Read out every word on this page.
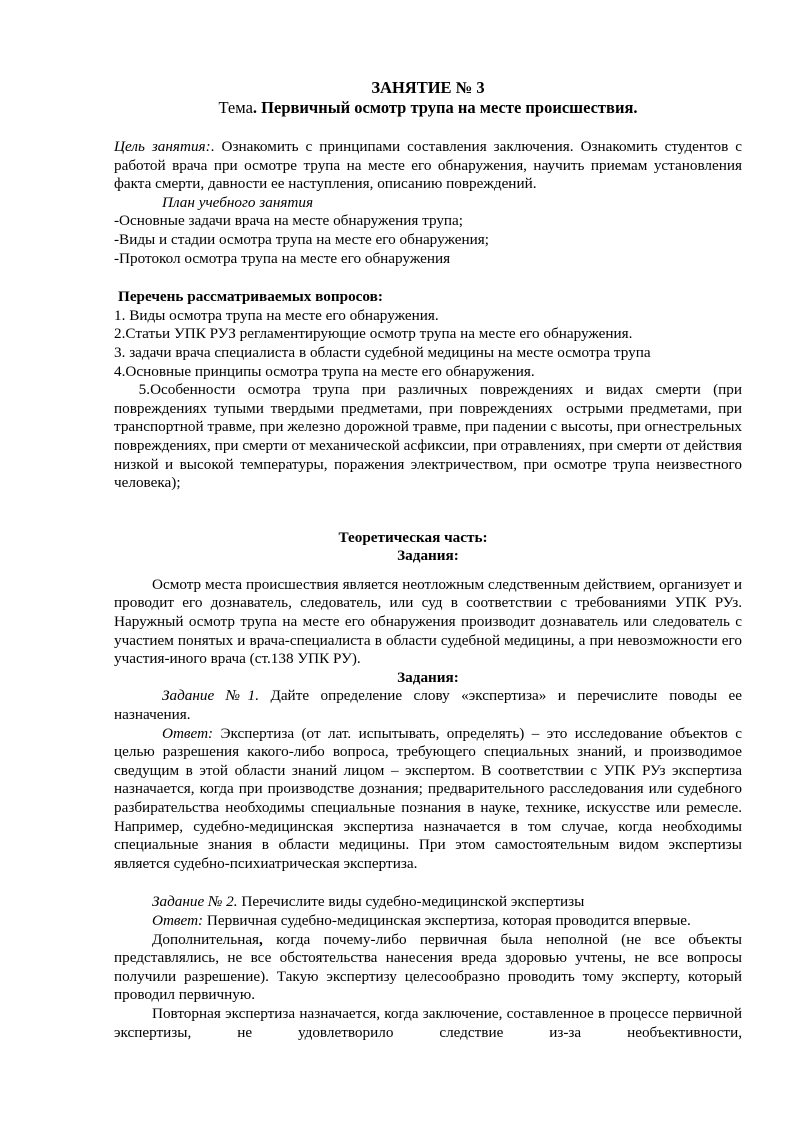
ЗАНЯТИЕ № 3

Тема. Первичный осмотр трупа на месте происшествия.

Цель занятия:. Ознакомить с принципами составления заключения. Ознакомить студентов с работой врача при осмотре трупа на месте его обнаружения, научить приемам установления факта смерти, давности ее наступления, описанию повреждений.

План учебного занятия

-Основные задачи врача на месте обнаружения трупа;

-Виды и стадии осмотра трупа на месте его обнаружения;

-Протокол осмотра трупа на месте его обнаружения

Перечень рассматриваемых вопросов:

1. Виды осмотра трупа на месте его обнаружения.

2.Статьи УПК РУЗ регламентирующие осмотр трупа на месте его обнаружения.

3. задачи врача специалиста в области судебной медицины на месте осмотра трупа

4.Основные принципы осмотра трупа на месте его обнаружения.

5.Особенности осмотра трупа при различных повреждениях и видах смерти (при повреждениях тупыми твердыми предметами, при повреждениях  острыми предметами, при транспортной травме, при железно дорожной травме, при падении с высоты, при огнестрельных повреждениях, при смерти от механической асфиксии, при отравлениях, при смерти от действия низкой и высокой температуры, поражения электричеством, при осмотре трупа неизвестного человека);

Теоретическая часть:

Задания:

Осмотр места происшествия является неотложным следственным действием, организует и проводит его дознаватель, следователь, или суд в соответствии с требованиями УПК РУз. Наружный осмотр трупа на месте его обнаружения производит дознаватель или следователь с участием понятых и врача-специалиста в области судебной медицины, а при невозможности его участия-иного врача (ст.138 УПК РУ).

Задания:

Задание №1. Дайте определение слову «экспертиза» и перечислите поводы ее назначения.

Ответ: Экспертиза (от лат. испытывать, определять) – это исследование объектов с целью разрешения какого-либо вопроса, требующего специальных знаний, и производимое сведущим в этой области знаний лицом – экспертом. В соответствии с УПК РУз экспертиза назначается, когда при производстве дознания; предварительного расследования или судебного разбирательства необходимы специальные познания в науке, технике, искусстве или ремесле. Например, судебно-медицинская экспертиза назначается в том случае, когда необходимы специальные знания в области медицины. При этом самостоятельным видом экспертизы является судебно-психиатрическая экспертиза.

Задание № 2. Перечислите виды судебно-медицинской экспертизы

Ответ: Первичная судебно-медицинская экспертиза, которая проводится впервые.

Дополнительная, когда почему-либо первичная была неполной (не все объекты представлялись, не все обстоятельства нанесения вреда здоровью учтены, не все вопросы получили разрешение). Такую экспертизу целесообразно проводить тому эксперту, который проводил первичную.

Повторная экспертиза назначается, когда заключение, составленное в процессе первичной экспертизы, не удовлетворило следствие из-за необъективности,
